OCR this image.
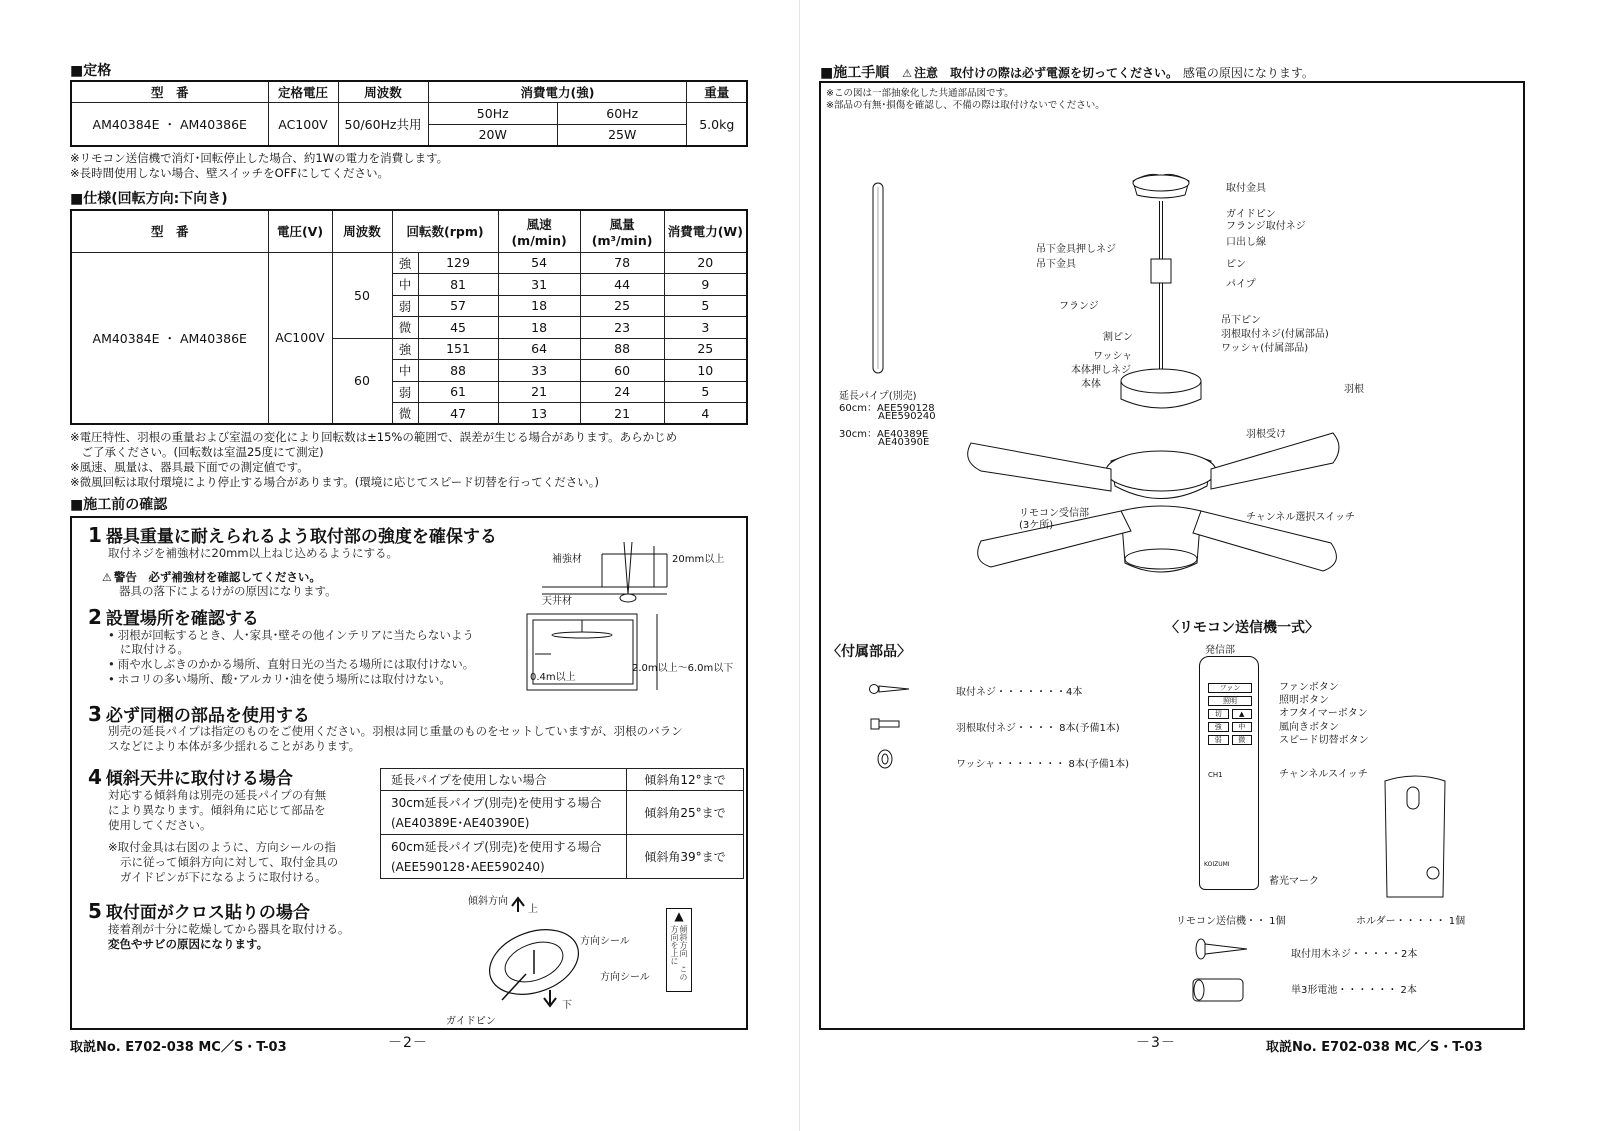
■定格
型　番	定格電圧	周波数	消費電力(強)		重量
AM40384E ・ AM40386E	AC100V	50/60Hz共用	50Hz	60Hz	5.0kg
			20W	25W	
※リモコン送信機で消灯･回転停止した場合、約1Wの電力を消費します。
※長時間使用しない場合、壁スイッチをOFFにしてください。
■仕様(回転方向:下向き)
型　番	電圧(V)	周波数	回転数(rpm)		風速(m/min)	風量(m³/min)	消費電力(W)
AM40384E ・ AM40386E	AC100V	50	強	129	54	78	20
			中	81	31	44	9
			弱	57	18	25	5
			微	45	18	23	3
		60	強	151	64	88	25
			中	88	33	60	10
			弱	61	21	24	5
			微	47	13	21	4
※電圧特性、羽根の重量および室温の変化により回転数は±15%の範囲で、誤差が生じる場合があります。あらかじめ
　ご了承ください。(回転数は室温25度にて測定)
※風速、風量は、器具最下面での測定値です。
※微風回転は取付環境により停止する場合があります。(環境に応じてスピード切替を行ってください。)
■施工前の確認
1 器具重量に耐えられるよう取付部の強度を確保する
取付ネジを補強材に20mm以上ねじ込めるようにする。
⚠ 警告　必ず補強材を確認してください。
器具の落下によるけがの原因になります。
補強材	20mm以上
天井材
2 設置場所を確認する
• 羽根が回転するとき、人･家具･壁その他インテリアに当たらないよう
に取付ける。
• 雨や水しぶきのかかる場所、直射日光の当たる場所には取付けない。
• ホコリの多い場所、酸･アルカリ･油を使う場所には取付けない。	0.4m以上
2.0m以上～6.0m以下
3 必ず同梱の部品を使用する
別売の延長パイプは指定のものをご使用ください。羽根は同じ重量のものをセットしていますが、羽根のバラン
スなどにより本体が多少揺れることがあります。
4 傾斜天井に取付ける場合
対応する傾斜角は別売の延長パイプの有無
により異なります。傾斜角に応じて部品を
使用してください。
※取付金具は右図のように、方向シールの指
示に従って傾斜方向に対して、取付金具の
ガイドピンが下になるように取付ける。
延長パイプを使用しない場合	傾斜角12°まで

30cm延長パイプ(別売)を使用する場合
(AE40389E･AE40390E)	傾斜角25°まで

60cm延長パイプ(別売)を使用する場合
(AEE590128･AEE590240)	傾斜角39°まで
5 取付面がクロス貼りの場合
接着剤が十分に乾燥してから器具を取付ける。
変色やサビの原因になります。
傾斜方向
上
下
方向シール
方向シール
ガイドピン
▲
傾斜方向　この方向を上に
取説No. E702-038 MC／S・T-03	－2－
■施工手順 ⚠ 注意　取付けの際は必ず電源を切ってください。 感電の原因になります。
※この図は一部抽象化した共通部品図です。
※部品の有無･損傷を確認し、不備の際は取付けないでください。
延長パイプ(別売)
60cm：AEE590128
AEE590240
30cm：AE40389E
AE40390E
取付金具
ガイドピン
フランジ取付ネジ
口出し線
吊下金具押しネジ
吊下金具	ピン
パイプ
フランジ
吊下ピン
羽根取付ネジ(付属部品)
ワッシャ(付属部品)
割ピン
ワッシャ
本体押しネジ
本体	羽根
羽根受け
リモコン受信部
(3ケ所)
チャンネル選択スイッチ
〈付属部品〉
取付ネジ・・・・・・・4本
羽根取付ネジ・・・・ 8本(予備1本)
ワッシャ・・・・・・・ 8本(予備1本)
〈リモコン送信機一式〉
発信部
ファン
照明
切	▲
強	中
弱	微
CH1
KOIZUMI
ファンボタン
照明ボタン
オフタイマーボタン
風向きボタン
スピード切替ボタン
チャンネルスイッチ
蓄光マーク
リモコン送信機・・ 1個	ホルダー・・・・・ 1個
取付用木ネジ・・・・・2本
単3形電池・・・・・・ 2本
－3－	取説No. E702-038 MC／S・T-03
